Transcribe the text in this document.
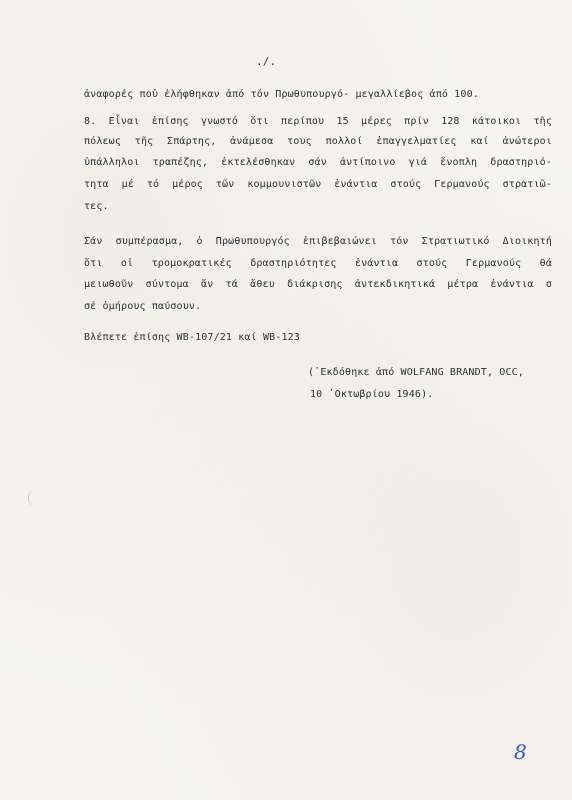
./.
ἀναφορές ποὐ ἐλήφθηκαν ἀπό τόν Πρωθυπουργό- μεγαλλίεβος ἀπό 100.
8. Εἶναι ἐπίσης γνωστό ὅτι περίπου 15 μέρες πρίν 128 κάτοικοι τῆς
πόλεως τῆς Σπάρτης, ἀνάμεσα τους πολλοί ἐπαγγελματίες καί ἀνώτεροι
ὑπάλληλοι τραπέζης, ἐκτελέσθηκαν σάν ἀντίποινο γιά ἔνοπλη δραστηριό-
τητα μέ τό μέρος τῶν κομμουνιστῶν ἐνάντια στούς Γερμανούς στρατιῶ-
τες.
Σάν συμπέρασμα, ὁ Πρωθυπουργός ἐπιβεβαιώνει τόν Στρατιωτικό Διοικητή
ὅτι οἱ τρομοκρατικές δραστηριότητες ἐνάντια στούς Γερμανούς θά
μειωθοῦν σύντομα ἄν τά ἄθευ διάκρισης ἀντεκδικητικά μέτρα ἐνάντια σ
σέ ὁμήρους παύσουν.
Βλέπετε ἐπίσης WB-107/21 καί WB-123
(᾿Εκδόθηκε ἀπό WOLFANG BRANDT, OCC,
10 ᾿Οκτωβρίου 1946).
8
